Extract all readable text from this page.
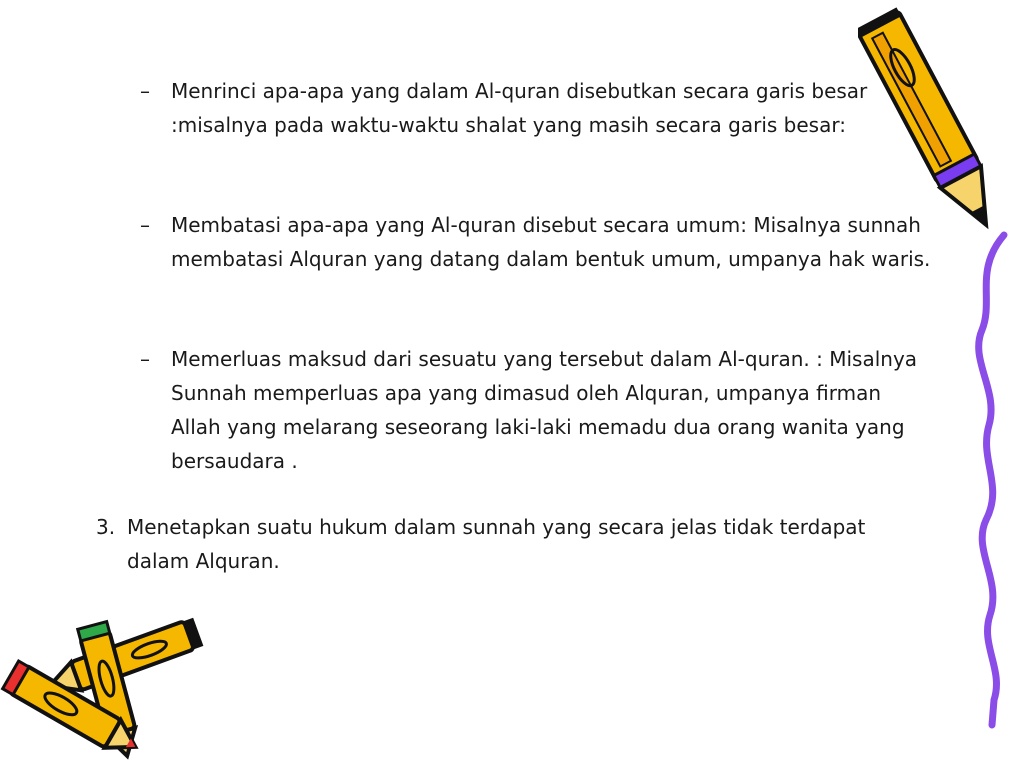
– Menrinci apa-apa yang dalam Al-quran disebutkan secara garis besar :misalnya pada waktu-waktu shalat yang masih secara garis besar:
– Membatasi apa-apa yang Al-quran disebut secara umum: Misalnya sunnah membatasi Alquran yang datang dalam bentuk umum, umpanya hak waris.
– Memerluas maksud dari sesuatu yang tersebut dalam Al-quran. : Misalnya Sunnah memperluas apa yang dimasud oleh Alquran, umpanya firman Allah yang melarang seseorang laki-laki memadu dua orang wanita yang bersaudara .
3. Menetapkan suatu hukum dalam sunnah yang secara jelas tidak terdapat dalam Alquran.
